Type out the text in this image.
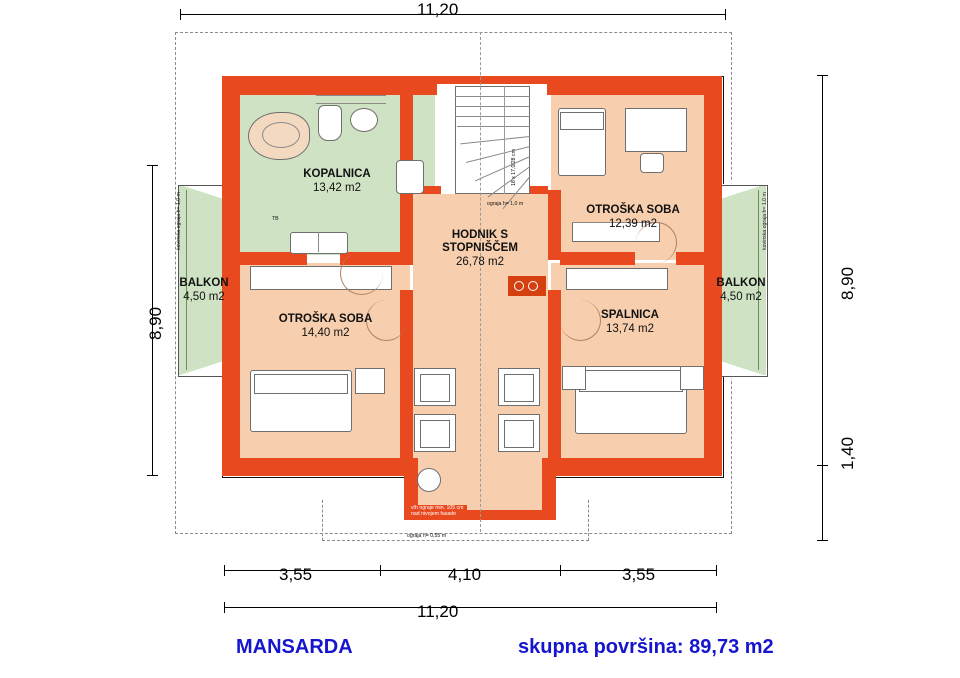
11,20
8,90
8,90
1,40
18 x 17,0/28 cm
ograja h= 1,0 m
TB
kovinska ograja h= 1,0 m	kovinska ograja h= 1,0 m
v/h ograje min. 105 cm
nad nivojem fasade
ograja h= 0,55 m
KOPALNICA
13,42 m2
OTROŠKA SOBA
12,39 m2
HODNIK S
STOPNIŠČEM
26,78 m2
OTROŠKA SOBA
14,40 m2
SPALNICA
13,74 m2
BALKON
4,50 m2
BALKON
4,50 m2
3,55	4,10	3,55
11,20
MANSARDA	skupna površina: 89,73 m2
